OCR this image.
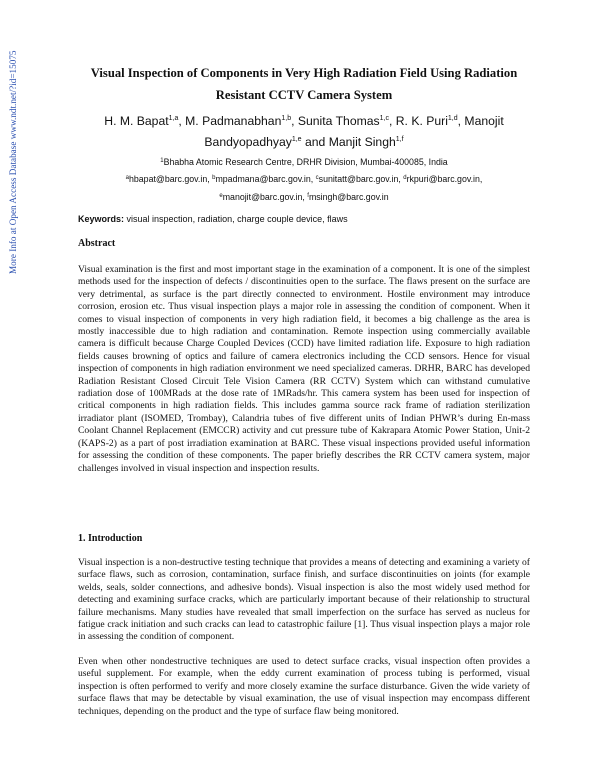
More Info at Open Access Database www.ndt.net/?id=15075	Visual Inspection of Components in Very High Radiation Field Using Radiation
Resistant CCTV Camera System
H. M. Bapat$^{1,a}$, M. Padmanabhan$^{1,b}$, Sunita Thomas$^{1,c}$, R. K. Puri$^{1,d}$, Manojit
Bandyopadhyay$^{1,e}$ and Manjit Singh$^{1,f}$
$^1$Bhabha Atomic Research Centre, DRHR Division, Mumbai-400085, India
$^a$hbapat@barc.gov.in, $^b$mpadmana@barc.gov.in, $^c$sunitatt@barc.gov.in, $^d$rkpuri@barc.gov.in,
$^e$manojit@barc.gov.in, $^f$msingh@barc.gov.in
Keywords: visual inspection, radiation, charge couple device, flaws
Abstract

Visual examination is the first and most important stage in the examination of a component. It is one of the simplest methods used for the inspection of defects / discontinuities open to the surface. The flaws present on the surface are very detrimental, as surface is the part directly connected to environment. Hostile environment may introduce corrosion, erosion etc. Thus visual inspection plays a major role in assessing the condition of component. When it comes to visual inspection of components in very high radiation field, it becomes a big challenge as the area is mostly inaccessible due to high radiation and contamination. Remote inspection using commercially available camera is difficult because Charge Coupled Devices (CCD) have limited radiation life. Exposure to high radiation fields causes browning of optics and failure of camera electronics including the CCD sensors. Hence for visual inspection of components in high radiation environment we need specialized cameras. DRHR, BARC has developed Radiation Resistant Closed Circuit Tele Vision Camera (RR CCTV) System which can withstand cumulative radiation dose of 100MRads at the dose rate of 1MRads/hr. This camera system has been used for inspection of critical components in high radiation fields. This includes gamma source rack frame of radiation sterilization irradiator plant (ISOMED, Trombay), Calandria tubes of five different units of Indian PHWR’s during En-mass Coolant Channel Replacement (EMCCR) activity and cut pressure tube of Kakrapara Atomic Power Station, Unit-2 (KAPS-2) as a part of post irradiation examination at BARC. These visual inspections provided useful information for assessing the condition of these components. The paper briefly describes the RR CCTV camera system, major challenges involved in visual inspection and inspection results.

1. Introduction

Visual inspection is a non-destructive testing technique that provides a means of detecting and examining a variety of surface flaws, such as corrosion, contamination, surface finish, and surface discontinuities on joints (for example welds, seals, solder connections, and adhesive bonds). Visual inspection is also the most widely used method for detecting and examining surface cracks, which are particularly important because of their relationship to structural failure mechanisms. Many studies have revealed that small imperfection on the surface has served as nucleus for fatigue crack initiation and such cracks can lead to catastrophic failure [1]. Thus visual inspection plays a major role in assessing the condition of component.

Even when other nondestructive techniques are used to detect surface cracks, visual inspection often provides a useful supplement. For example, when the eddy current examination of process tubing is performed, visual inspection is often performed to verify and more closely examine the surface disturbance. Given the wide variety of surface flaws that may be detectable by visual examination, the use of visual inspection may encompass different techniques, depending on the product and the type of surface flaw being monitored.
